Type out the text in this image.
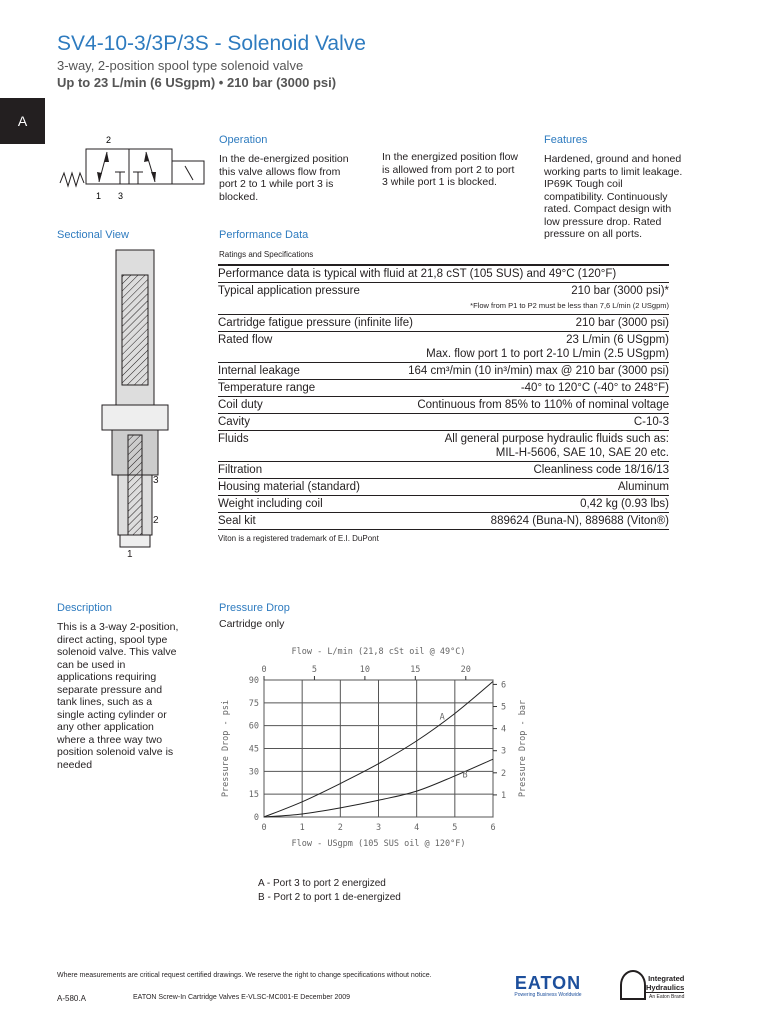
SV4-10-3/3P/3S - Solenoid Valve
3-way, 2-position spool type solenoid valve
Up to 23 L/min (6 USgpm) • 210 bar (3000 psi)
A
2
1 3
Operation
In the de-energized position this valve allows flow from port 2 to 1 while port 3 is blocked.
In the energized position flow is allowed from port 2 to port 3 while port 1 is blocked.
Features
Hardened, ground and honed working parts to limit leakage. IP69K Tough coil compatibility. Continuously rated. Compact design with low pressure drop. Rated pressure on all ports.
Sectional View
3
2
1
Performance Data
Ratings and Specifications
Performance data is typical with fluid at 21,8 cST (105 SUS) and 49°C (120°F)
Typical application pressure	210 bar (3000 psi)*
*Flow from P1 to P2 must be less than 7,6 L/min (2 USgpm)
Cartridge fatigue pressure (infinite life)	210 bar (3000 psi)
Rated flow	23 L/min (6 USgpm)
Max. flow port 1 to port 2-10 L/min (2.5 USgpm)
Internal leakage	164 cm³/min (10 in³/min) max @ 210 bar (3000 psi)
Temperature range	-40° to 120°C (-40° to 248°F)
Coil duty	Continuous from 85% to 110% of nominal voltage
Cavity	C-10-3
Fluids	All general purpose hydraulic fluids such as:
MIL-H-5606, SAE 10, SAE 20 etc.
Filtration	Cleanliness code 18/16/13
Housing material (standard)	Aluminum
Weight including coil	0,42 kg (0.93 lbs)
Seal kit	889624 (Buna-N), 889688 (Viton®)
Viton is a registered trademark of E.I. DuPont
Description
This is a 3-way 2-position, direct acting, spool type solenoid valve. This valve can be used in applications requiring separate pressure and tank lines, such as a single acting cylinder or any other application where a three way two position solenoid valve is needed
Pressure Drop
Cartridge only
0	1	2	3	4	5	6
0
15
30
45
60
75
90
0	5	10	15	20
1
2
3
4
5
6
Flow - L/min (21,8 cSt oil @ 49°C)
Flow - USgpm (105 SUS oil @ 120°F)
Pressure Drop - psi	Pressure Drop - bar
A
B
A - Port 3 to port 2 energized
B - Port 2 to port 1 de-energized
Where measurements are critical request certified drawings. We reserve the right to change specifications without notice.
A-580.A	EATON Screw-In Cartridge Valves E-VLSC-MC001-E December 2009
EATON
Powering Business Worldwide
Integrated
Hydraulics
An Eaton Brand
